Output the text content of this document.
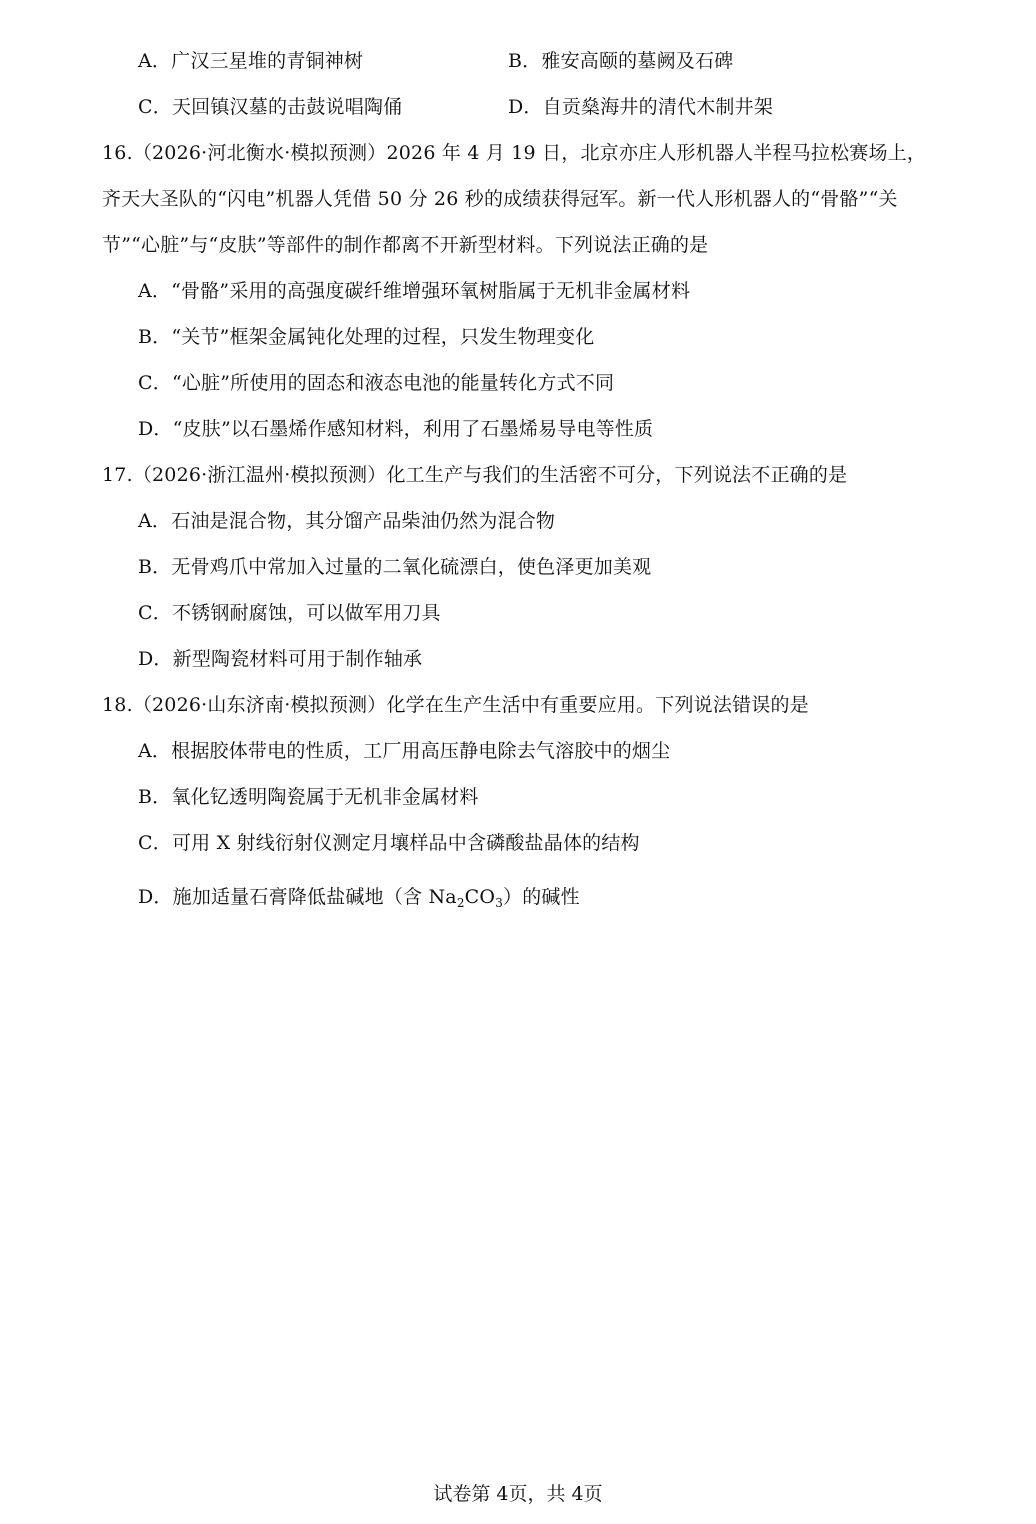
A．广汉三星堆的青铜神树	B．雅安高颐的墓阙及石碑
C．天回镇汉墓的击鼓说唱陶俑	D．自贡燊海井的清代木制井架
16.（2026·河北衡水·模拟预测）2026 年 4 月 19 日，北京亦庄人形机器人半程马拉松赛场上，
齐天大圣队的“闪电”机器人凭借 50 分 26 秒的成绩获得冠军。新一代人形机器人的“骨骼”“关
节”“心脏”与“皮肤”等部件的制作都离不开新型材料。下列说法正确的是
A．“骨骼”采用的高强度碳纤维增强环氧树脂属于无机非金属材料
B．“关节”框架金属钝化处理的过程，只发生物理变化
C．“心脏”所使用的固态和液态电池的能量转化方式不同
D．“皮肤”以石墨烯作感知材料，利用了石墨烯易导电等性质
17.（2026·浙江温州·模拟预测）化工生产与我们的生活密不可分，下列说法不正确的是
A．石油是混合物，其分馏产品柴油仍然为混合物
B．无骨鸡爪中常加入过量的二氧化硫漂白，使色泽更加美观
C．不锈钢耐腐蚀，可以做军用刀具
D．新型陶瓷材料可用于制作轴承
18.（2026·山东济南·模拟预测）化学在生产生活中有重要应用。下列说法错误的是
A．根据胶体带电的性质，工厂用高压静电除去气溶胶中的烟尘
B．氧化钇透明陶瓷属于无机非金属材料
C．可用 X 射线衍射仪测定月壤样品中含磷酸盐晶体的结构
D．施加适量石膏降低盐碱地（含 $Na_2CO_3$）的碱性
试卷第 4页，共 4页
